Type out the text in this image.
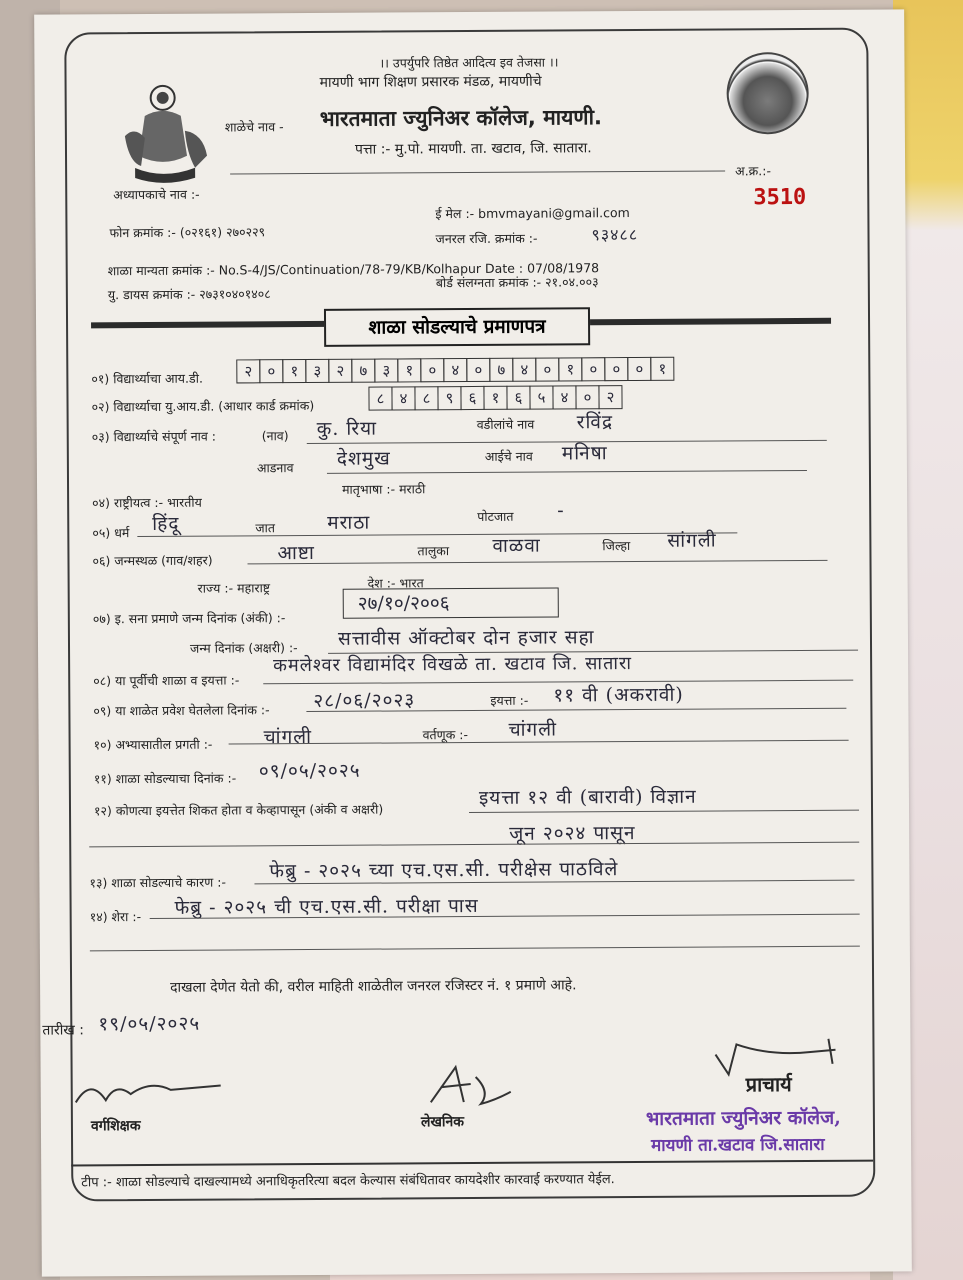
।। उपर्युपरि तिष्ठेत आदित्य इव तेजसा ।।
मायणी भाग शिक्षण प्रसारक मंडळ, मायणीचे
शाळेचे नाव - भारतमाता ज्युनिअर कॉलेज, मायणी.
पत्ता :- मु.पो. मायणी. ता. खटाव, जि. सातारा.
अ.क्र.:-
3510
अध्यापकाचे नाव :-
फोन क्रमांक :- (०२१६१) २७०२२९
ई मेल :- bmvmayani@gmail.com
जनरल रजि. क्रमांक :-	९३४८८
शाळा मान्यता क्रमांक :- No.S-4/JS/Continuation/78-79/KB/Kolhapur Date : 07/08/1978
यु. डायस क्रमांक :- २७३१०४०१४०८
बोर्ड संलग्नता क्रमांक :- २१.०४.००३
शाळा सोडल्याचे प्रमाणपत्र
०१) विद्यार्थ्याचा आय.डी.	२	०	१	३	२	७	३	१	०	४	०	७	४	०	१	०	०	०	१
०२) विद्यार्थ्याचा यु.आय.डी. (आधार कार्ड क्रमांक)	८	४	८	९	६	१	६	५	४	०	२
०३) विद्यार्थ्याचे संपूर्ण नाव :	(नाव) कु. रिया	वडीलांचे नाव रविंद्र
आडनाव देशमुख	आईचे नाव मनिषा
मातृभाषा :- मराठी
०४) राष्ट्रीयत्व :- भारतीय
०५) धर्म हिंदू	जात	मराठा	पोटजात -
०६) जन्मस्थळ (गाव/शहर)	आष्टा	तालुका वाळवा	जिल्हा सांगली
राज्य :- महाराष्ट्र	देश :- भारत
०७) इ. सना प्रमाणे जन्म दिनांक (अंकी) :-
२७/१०/२००६
जन्म दिनांक (अक्षरी) :- सत्तावीस ऑक्टोबर दोन हजार सहा
०८) या पूर्वीची शाळा व इयत्ता :-
कमलेश्वर विद्यामंदिर विखळे ता. खटाव जि. सातारा
०९) या शाळेत प्रवेश घेतलेला दिनांक :- २८/०६/२०२३	इयत्ता :- ११ वी (अकरावी)
१०) अभ्यासातील प्रगती :-	चांगली	वर्तणूक :- चांगली
११) शाळा सोडल्याचा दिनांक :- ०९/०५/२०२५
१२) कोणत्या इयत्तेत शिकत होता व केव्हापासून (अंकी व अक्षरी)
इयत्ता १२ वी (बारावी) विज्ञान
जून २०२४ पासून
१३) शाळा सोडल्याचे कारण :-
फेब्रु - २०२५ च्या एच.एस.सी. परीक्षेस पाठविले
१४) शेरा :- फेब्रु - २०२५ ची एच.एस.सी. परीक्षा पास
दाखला देणेत येतो की, वरील माहिती शाळेतील जनरल रजिस्टर नं. १ प्रमाणे आहे.
तारीख : १९/०५/२०२५
वर्गशिक्षक	लेखनिक
प्राचार्य
भारतमाता ज्युनिअर कॉलेज,
मायणी ता.खटाव जि.सातारा
टीप :- शाळा सोडल्याचे दाखल्यामध्ये अनाधिकृतरित्या बदल केल्यास संबंधितावर कायदेशीर कारवाई करण्यात येईल.
